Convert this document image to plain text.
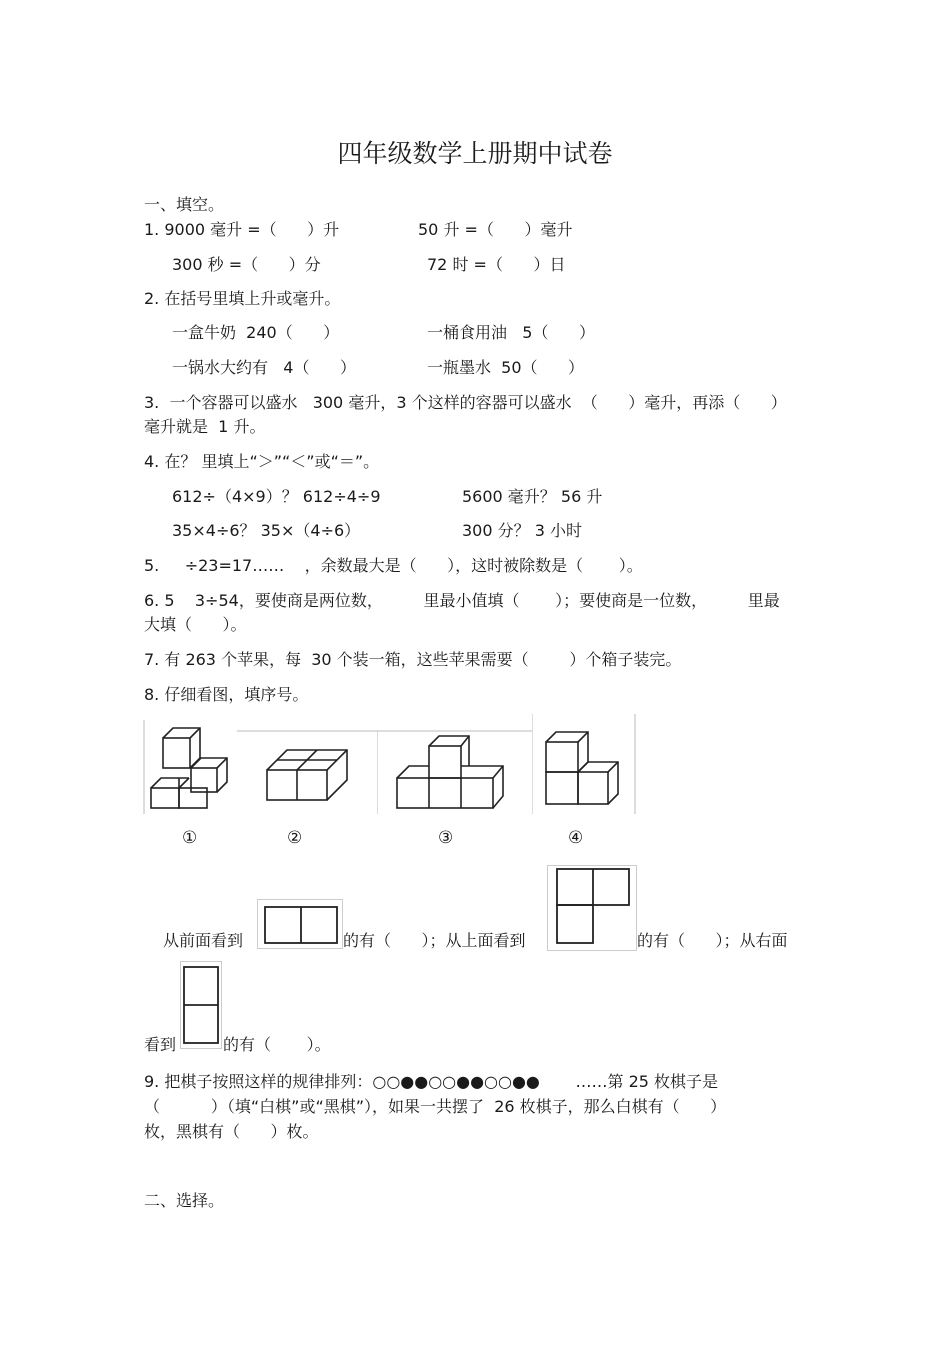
四年级数学上册期中试卷
一、填空。
1. 9000 毫升 =（      ）升	50 升 =（      ）毫升
300 秒 =（      ）分	72 时 =（      ）日
2. 在括号里填上升或毫升。
一盒牛奶  240（      ）	一桶食用油   5（      ）
一锅水大约有   4（      ）	一瓶墨水  50（      ）
3.  一个容器可以盛水   300 毫升，3 个这样的容器可以盛水  （      ）毫升，再添（      ）
毫升就是  1 升。
4. 在？ 里填上“＞”“＜”或“＝”。
612÷（4×9）？ 612÷4÷9	5600 毫升？ 56 升
35×4÷6？ 35×（4÷6）	300 分？ 3 小时
5.     ÷23=17……    ，余数最大是（      ），这时被除数是（       ）。
6. 5    3÷54，要使商是两位数，        里最小值填（       ）；要使商是一位数，        里最
大填（      ）。
7. 有 263 个苹果，每  30 个装一箱，这些苹果需要（        ）个箱子装完。
8. 仔细看图，填序号。
①	②	③	④
从前面看到	的有（      ）；从上面看到	的有（      ）；从右面
看到	的有（       ）。
9. 把棋子按照这样的规律排列：○○●●○○●●○○●●       ……第 25 枚棋子是
（          ）（填“白棋”或“黑棋”），如果一共摆了  26 枚棋子，那么白棋有（      ）
枚，黑棋有（      ）枚。
二、选择。
